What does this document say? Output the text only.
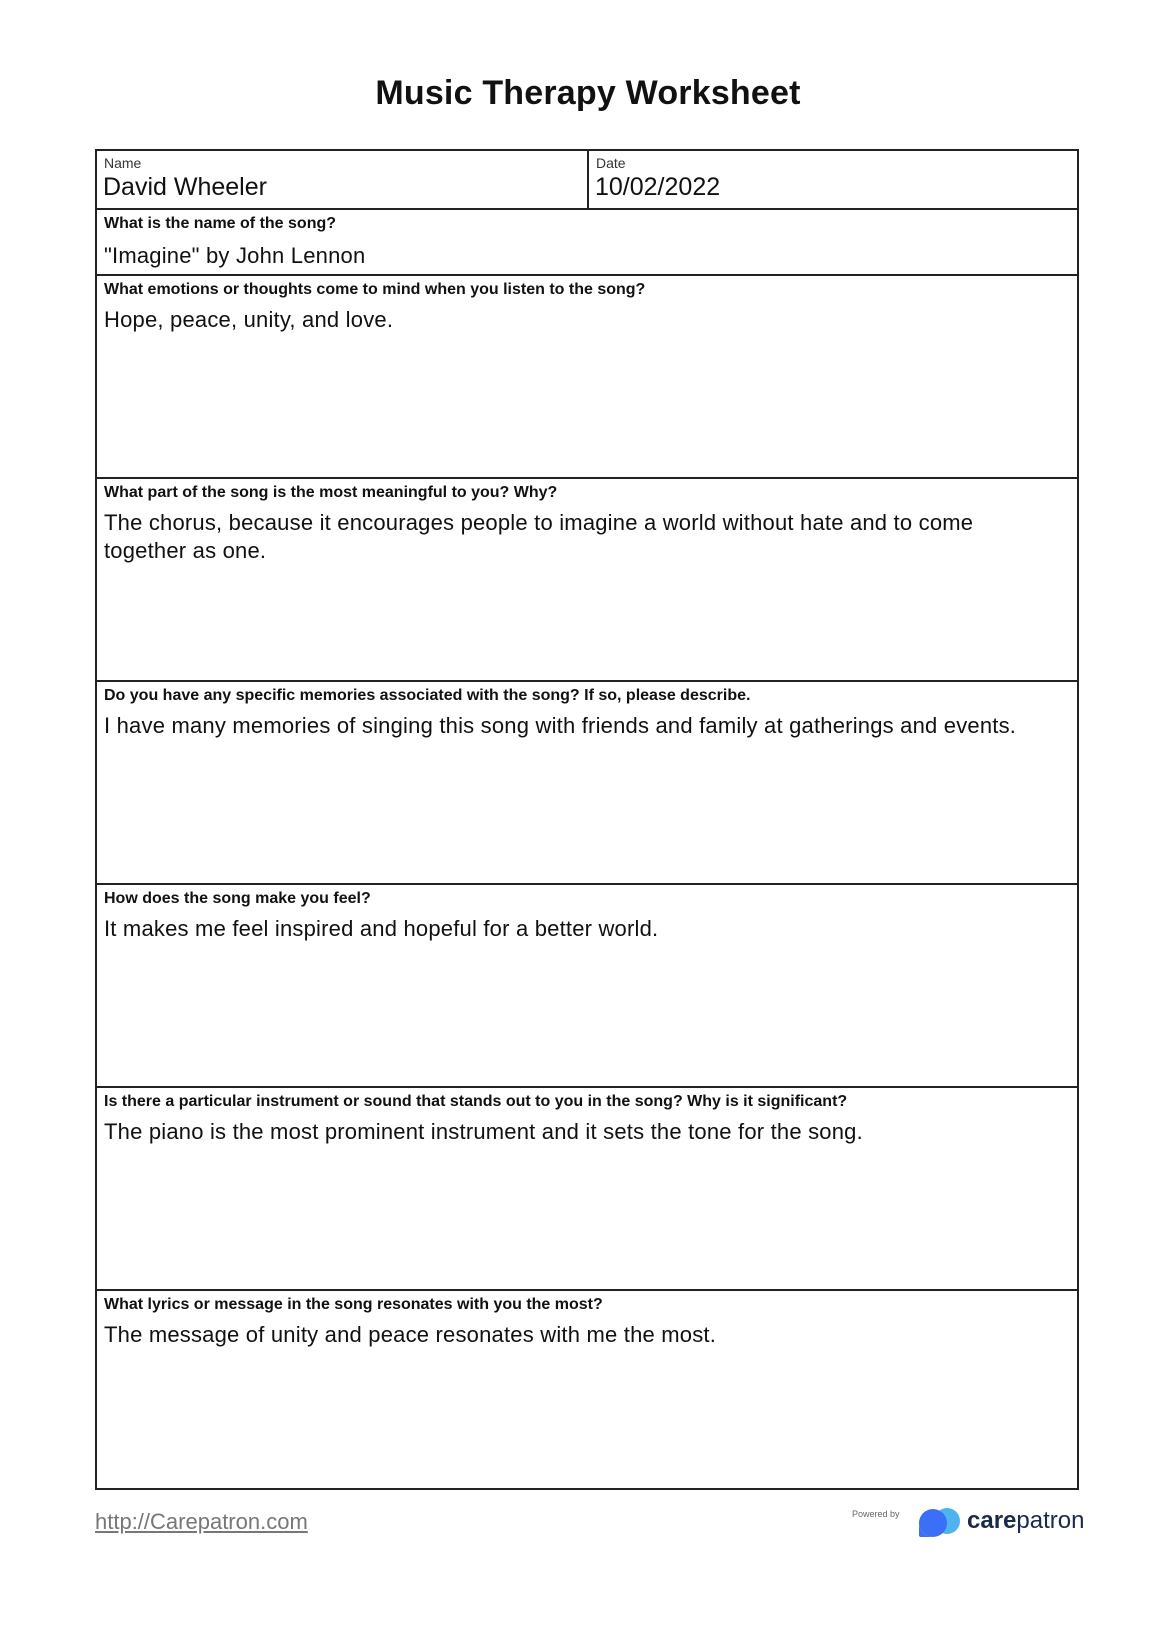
Music Therapy Worksheet
Name
David Wheeler
Date
10/02/2022
What is the name of the song?
"Imagine" by John Lennon
What emotions or thoughts come to mind when you listen to the song?
Hope, peace, unity, and love.
What part of the song is the most meaningful to you? Why?
The chorus, because it encourages people to imagine a world without hate and to come together as one.
Do you have any specific memories associated with the song? If so, please describe.
I have many memories of singing this song with friends and family at gatherings and events.
How does the song make you feel?
It makes me feel inspired and hopeful for a better world.
Is there a particular instrument or sound that stands out to you in the song? Why is it significant?
The piano is the most prominent instrument and it sets the tone for the song.
What lyrics or message in the song resonates with you the most?
The message of unity and peace resonates with me the most.
http://Carepatron.com	Powered by	carepatron
